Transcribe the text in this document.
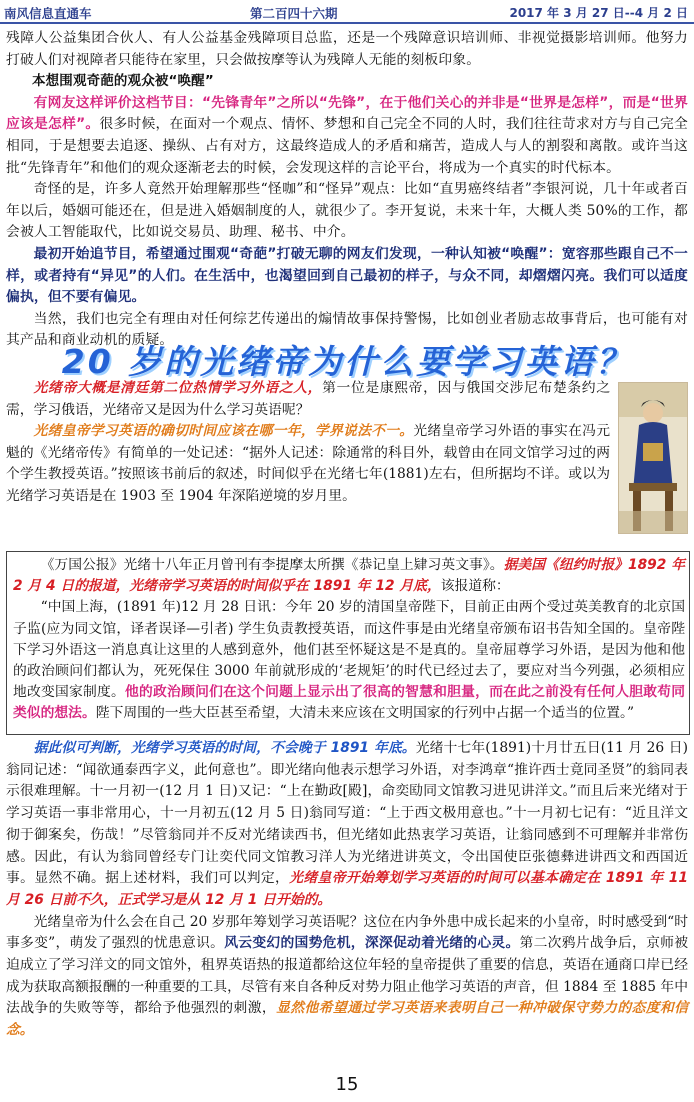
南风信息直通车	第二百四十六期	2017 年 3 月 27 日--4 月 2 日

残障人公益集团合伙人、有人公益基金残障项目总监，还是一个残障意识培训师、非视觉摄影培训师。他努力打破人们对视障者只能待在家里，只会做按摩等认为残障人无能的刻板印象。

本想围观奇葩的观众被“唤醒”

有网友这样评价这档节目：“先锋青年”之所以“先锋”，在于他们关心的并非是“世界是怎样”，而是“世界应该是怎样”。很多时候，在面对一个观点、情怀、梦想和自己完全不同的人时，我们往往苛求对方与自己完全相同，于是想要去追逐、操纵、占有对方，这最终造成人的矛盾和痛苦，造成人与人的割裂和离散。或许当这批“先锋青年”和他们的观众逐渐老去的时候，会发现这样的言论平台，将成为一个真实的时代标本。

奇怪的是，许多人竟然开始理解那些“怪咖”和“怪异”观点：比如“直男癌终结者”李银河说，几十年或者百年以后，婚姻可能还在，但是进入婚姻制度的人，就很少了。李开复说，未来十年，大概人类 50%的工作，都会被人工智能取代，比如说交易员、助理、秘书、中介。

最初开始追节目，希望通过围观“奇葩”打破无聊的网友们发现，一种认知被“唤醒”：宽容那些跟自己不一样，或者持有“异见”的人们。在生活中，也渴望回到自己最初的样子，与众不同，却熠熠闪亮。我们可以适度偏执，但不要有偏见。

当然，我们也完全有理由对任何综艺传递出的煽情故事保持警惕，比如创业者励志故事背后，也可能有对其产品和商业动机的质疑。

20 岁的光绪帝为什么要学习英语？

光绪帝大概是清廷第二位热情学习外语之人，第一位是康熙帝，因与俄国交涉尼布楚条约之需，学习俄语，光绪帝又是因为什么学习英语呢？

光绪皇帝学习英语的确切时间应该在哪一年，学界说法不一。光绪皇帝学习外语的事实在冯元魁的《光绪帝传》有简单的一处记述：“据外人记述：除通常的科目外，载曾由在同文馆学习过的两个学生教授英语。”按照该书前后的叙述，时间似乎在光绪七年(1881)左右，但所据均不详。或以为光绪学习英语是在 1903 至 1904 年深陷逆境的岁月里。

《万国公报》光绪十八年正月曾刊有李提摩太所撰《恭记皇上肄习英文事》。据美国《纽约时报》1892 年 2 月 4 日的报道，光绪帝学习英语的时间似乎在 1891 年 12 月底，该报道称：

“中国上海，(1891 年)12 月 28 日讯：今年 20 岁的清国皇帝陛下，目前正由两个受过英美教育的北京国子监(应为同文馆，译者误译—引者) 学生负责教授英语，而这件事是由光绪皇帝颁布诏书告知全国的。皇帝陛下学习外语这一消息真让这里的人感到意外，他们甚至怀疑这是不是真的。皇帝屈尊学习外语，是因为他和他的政治顾问们都认为，死死保住 3000 年前就形成的‘老规矩’的时代已经过去了，要应对当今列强，必须相应地改变国家制度。他的政治顾问们在这个问题上显示出了很高的智慧和胆量，而在此之前没有任何人胆敢苟同类似的想法。陛下周围的一些大臣甚至希望，大清未来应该在文明国家的行列中占据一个适当的位置。”

据此似可判断，光绪学习英语的时间，不会晚于 1891 年底。光绪十七年(1891)十月廿五日(11 月 26 日) 翁同记述：“闻欲通泰西字义，此何意也”。即光绪向他表示想学习外语，对李鸿章“推许西士竟同圣贤”的翁同表示很难理解。十一月初一(12 月 1 日)又记：“上在勤政[殿]，命奕劻同文馆教习进见讲洋文。”而且后来光绪对于学习英语一事非常用心，十一月初五(12 月 5 日)翁同写道：“上于西文极用意也。”十一月初七记有：“近且洋文彻于御案矣，伤哉！”尽管翁同并不反对光绪读西书，但光绪如此热衷学习英语，让翁同感到不可理解并非常伤感。因此，有认为翁同曾经专门让奕代同文馆教习洋人为光绪进讲英文，令出国使臣张德彝进讲西文和西国近事。显然不确。据上述材料，我们可以判定，光绪皇帝开始筹划学习英语的时间可以基本确定在 1891 年 11 月 26 日前不久，正式学习是从 12 月 1 日开始的。

光绪皇帝为什么会在自己 20 岁那年筹划学习英语呢？这位在内争外患中成长起来的小皇帝，时时感受到“时事多变”，萌发了强烈的忧患意识。风云变幻的国势危机，深深促动着光绪的心灵。第二次鸦片战争后，京师被迫成立了学习洋文的同文馆外，租界英语热的报道都给这位年轻的皇帝提供了重要的信息，英语在通商口岸已经成为获取高额报酬的一种重要的工具，尽管有来自各种反对势力阻止他学习英语的声音，但 1884 至 1885 年中法战争的失败等等，都给予他强烈的刺激，显然他希望通过学习英语来表明自己一种冲破保守势力的态度和信念。

15
